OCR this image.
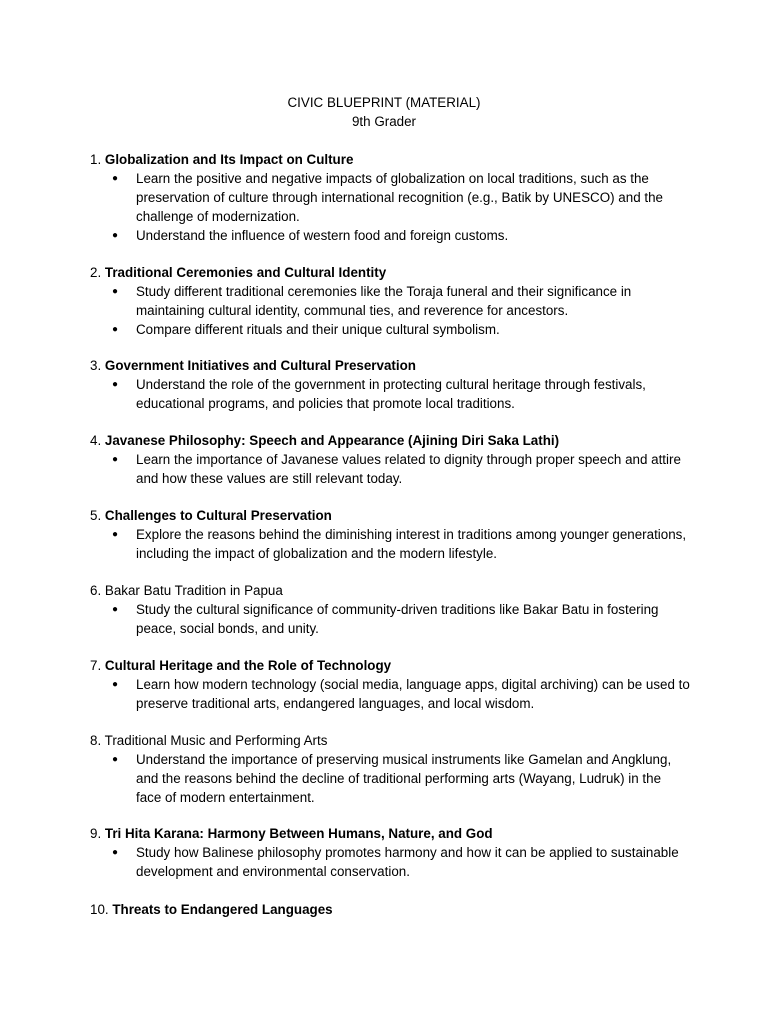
CIVIC BLUEPRINT (MATERIAL)
9th Grader
1. Globalization and Its Impact on Culture
● Learn the positive and negative impacts of globalization on local traditions, such as the preservation of culture through international recognition (e.g., Batik by UNESCO) and the challenge of modernization.
● Understand the influence of western food and foreign customs.
2. Traditional Ceremonies and Cultural Identity
● Study different traditional ceremonies like the Toraja funeral and their significance in maintaining cultural identity, communal ties, and reverence for ancestors.
● Compare different rituals and their unique cultural symbolism.
3. Government Initiatives and Cultural Preservation
● Understand the role of the government in protecting cultural heritage through festivals, educational programs, and policies that promote local traditions.
4. Javanese Philosophy: Speech and Appearance (Ajining Diri Saka Lathi)
● Learn the importance of Javanese values related to dignity through proper speech and attire and how these values are still relevant today.
5. Challenges to Cultural Preservation
● Explore the reasons behind the diminishing interest in traditions among younger generations, including the impact of globalization and the modern lifestyle.
6. Bakar Batu Tradition in Papua
● Study the cultural significance of community-driven traditions like Bakar Batu in fostering peace, social bonds, and unity.
7. Cultural Heritage and the Role of Technology
● Learn how modern technology (social media, language apps, digital archiving) can be used to preserve traditional arts, endangered languages, and local wisdom.
8. Traditional Music and Performing Arts
● Understand the importance of preserving musical instruments like Gamelan and Angklung, and the reasons behind the decline of traditional performing arts (Wayang, Ludruk) in the face of modern entertainment.
9. Tri Hita Karana: Harmony Between Humans, Nature, and God
● Study how Balinese philosophy promotes harmony and how it can be applied to sustainable development and environmental conservation.
10. Threats to Endangered Languages
